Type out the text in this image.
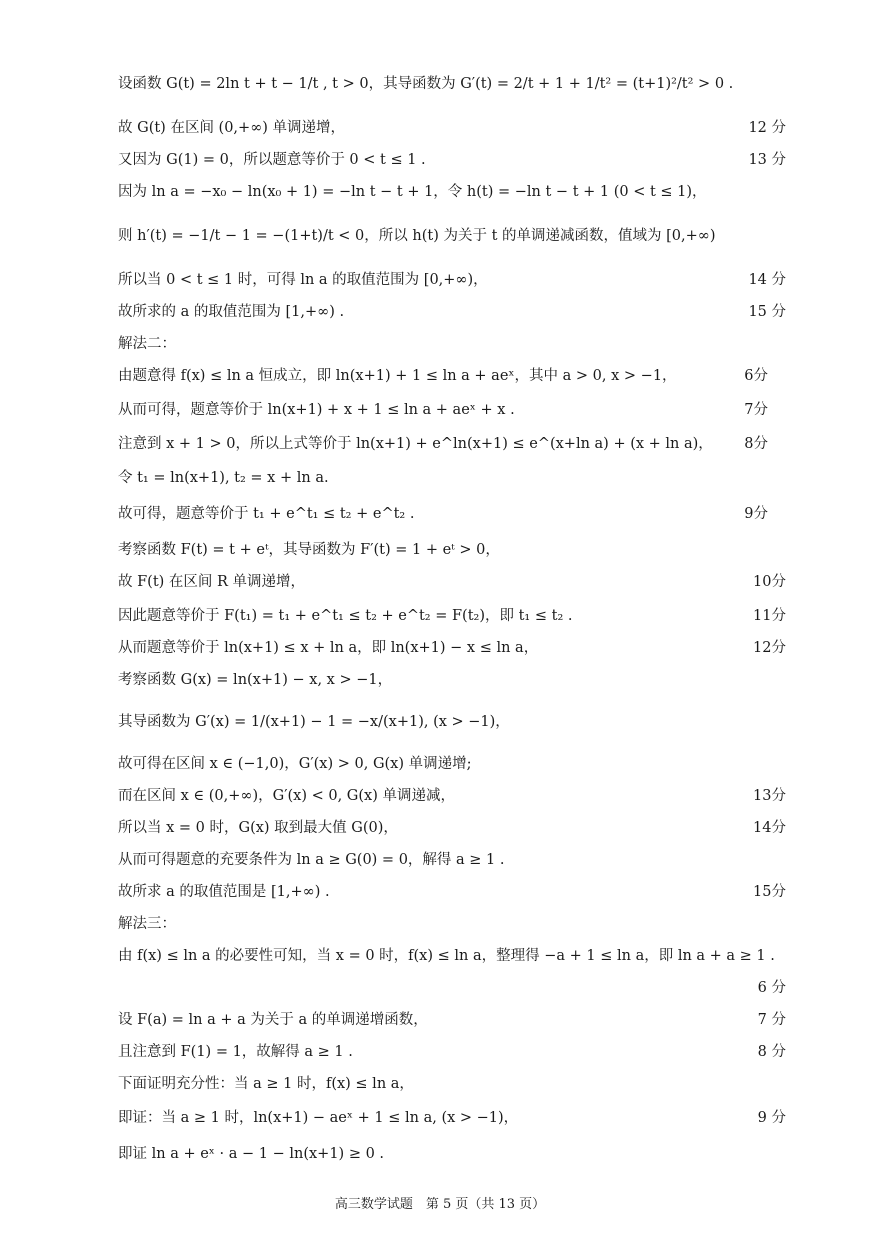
设函数 G(t) = 2ln t + t − 1/t , t > 0，其导函数为 G′(t) = 2/t + 1 + 1/t² = (t+1)²/t² > 0 .
故 G(t) 在区间 (0,+∞) 单调递增，	12 分
又因为 G(1) = 0，所以题意等价于 0 < t ≤ 1 .	13 分
因为 ln a = −x₀ − ln(x₀ + 1) = −ln t − t + 1，令 h(t) = −ln t − t + 1 (0 < t ≤ 1)，
则 h′(t) = −1/t − 1 = −(1+t)/t < 0，所以 h(t) 为关于 t 的单调递减函数，值域为 [0,+∞)
所以当 0 < t ≤ 1 时，可得 ln a 的取值范围为 [0,+∞)，	14 分
故所求的 a 的取值范围为 [1,+∞) .	15 分
解法二：
由题意得 f(x) ≤ ln a 恒成立，即 ln(x+1) + 1 ≤ ln a + aeˣ，其中 a > 0, x > −1，	6分
从而可得，题意等价于 ln(x+1) + x + 1 ≤ ln a + aeˣ + x .	7分
注意到 x + 1 > 0，所以上式等价于 ln(x+1) + e^ln(x+1) ≤ e^(x+ln a) + (x + ln a)，	8分
令 t₁ = ln(x+1), t₂ = x + ln a.
故可得，题意等价于 t₁ + e^t₁ ≤ t₂ + e^t₂ .	9分
考察函数 F(t) = t + eᵗ，其导函数为 F′(t) = 1 + eᵗ > 0，
故 F(t) 在区间 R 单调递增，	10分
因此题意等价于 F(t₁) = t₁ + e^t₁ ≤ t₂ + e^t₂ = F(t₂)，即 t₁ ≤ t₂ .	11分
从而题意等价于 ln(x+1) ≤ x + ln a，即 ln(x+1) − x ≤ ln a，	12分
考察函数 G(x) = ln(x+1) − x, x > −1，
其导函数为 G′(x) = 1/(x+1) − 1 = −x/(x+1), (x > −1)，
故可得在区间 x ∈ (−1,0)，G′(x) > 0, G(x) 单调递增;
而在区间 x ∈ (0,+∞)，G′(x) < 0, G(x) 单调递减，	13分
所以当 x = 0 时，G(x) 取到最大值 G(0)，	14分
从而可得题意的充要条件为 ln a ≥ G(0) = 0，解得 a ≥ 1 .
故所求 a 的取值范围是 [1,+∞) .	15分
解法三：
由 f(x) ≤ ln a 的必要性可知，当 x = 0 时，f(x) ≤ ln a，整理得 −a + 1 ≤ ln a，即 ln a + a ≥ 1 .
6 分
设 F(a) = ln a + a 为关于 a 的单调递增函数，	7 分
且注意到 F(1) = 1，故解得 a ≥ 1 .	8 分
下面证明充分性：当 a ≥ 1 时，f(x) ≤ ln a，
即证：当 a ≥ 1 时，ln(x+1) − aeˣ + 1 ≤ ln a, (x > −1)，	9 分
即证 ln a + eˣ · a − 1 − ln(x+1) ≥ 0 .
高三数学试题　第 5 页（共 13 页）
